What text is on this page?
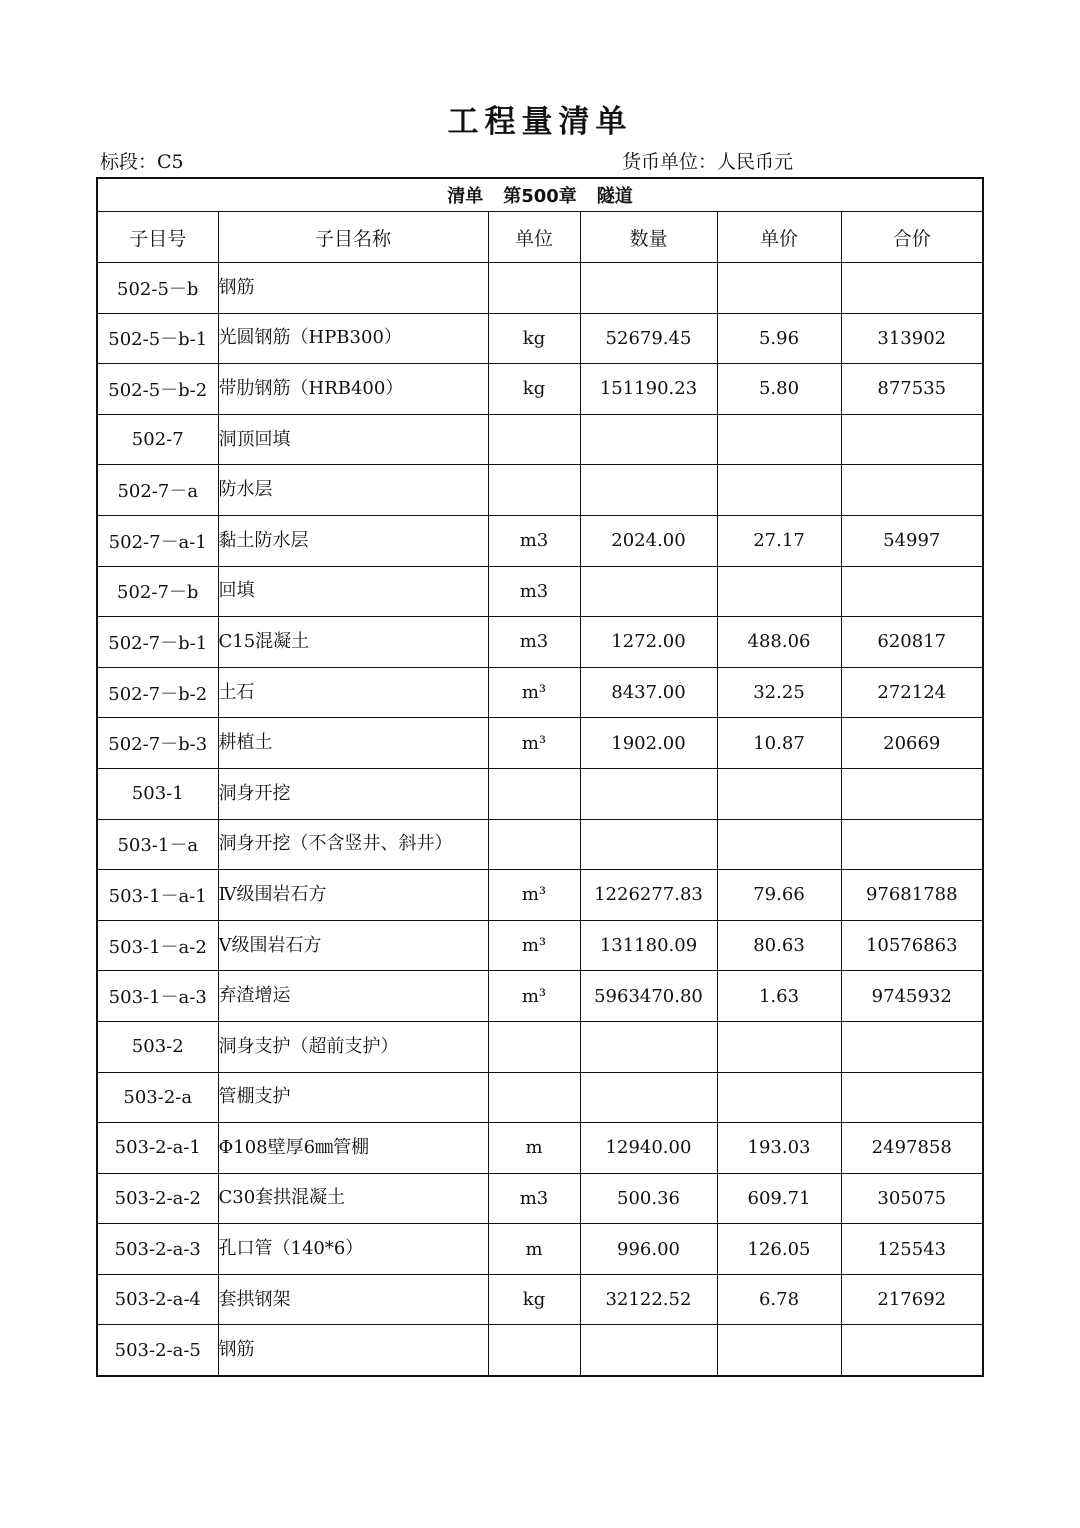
工程量清单
标段：C5	货币单位：人民币元
清单 第500章 隧道					
子目号	子目名称	单位	数量	单价	合价
502-5－b	钢筋				
502-5－b-1	光圆钢筋（HPB300）	kg	52679.45	5.96	313902
502-5－b-2	带肋钢筋（HRB400）	kg	151190.23	5.80	877535
502-7	洞顶回填				
502-7－a	防水层				
502-7－a-1	黏土防水层	m3	2024.00	27.17	54997
502-7－b	回填	m3			
502-7－b-1	C15混凝土	m3	1272.00	488.06	620817
502-7－b-2	土石	m³	8437.00	32.25	272124
502-7－b-3	耕植土	m³	1902.00	10.87	20669
503-1	洞身开挖				
503-1－a	洞身开挖（不含竖井、斜井）				
503-1－a-1	Ⅳ级围岩石方	m³	1226277.83	79.66	97681788
503-1－a-2	Ⅴ级围岩石方	m³	131180.09	80.63	10576863
503-1－a-3	弃渣增运	m³	5963470.80	1.63	9745932
503-2	洞身支护（超前支护）				
503-2-a	管棚支护				
503-2-a-1	Φ108壁厚6㎜管棚	m	12940.00	193.03	2497858
503-2-a-2	C30套拱混凝土	m3	500.36	609.71	305075
503-2-a-3	孔口管（140*6）	m	996.00	126.05	125543
503-2-a-4	套拱钢架	kg	32122.52	6.78	217692
503-2-a-5	钢筋				
